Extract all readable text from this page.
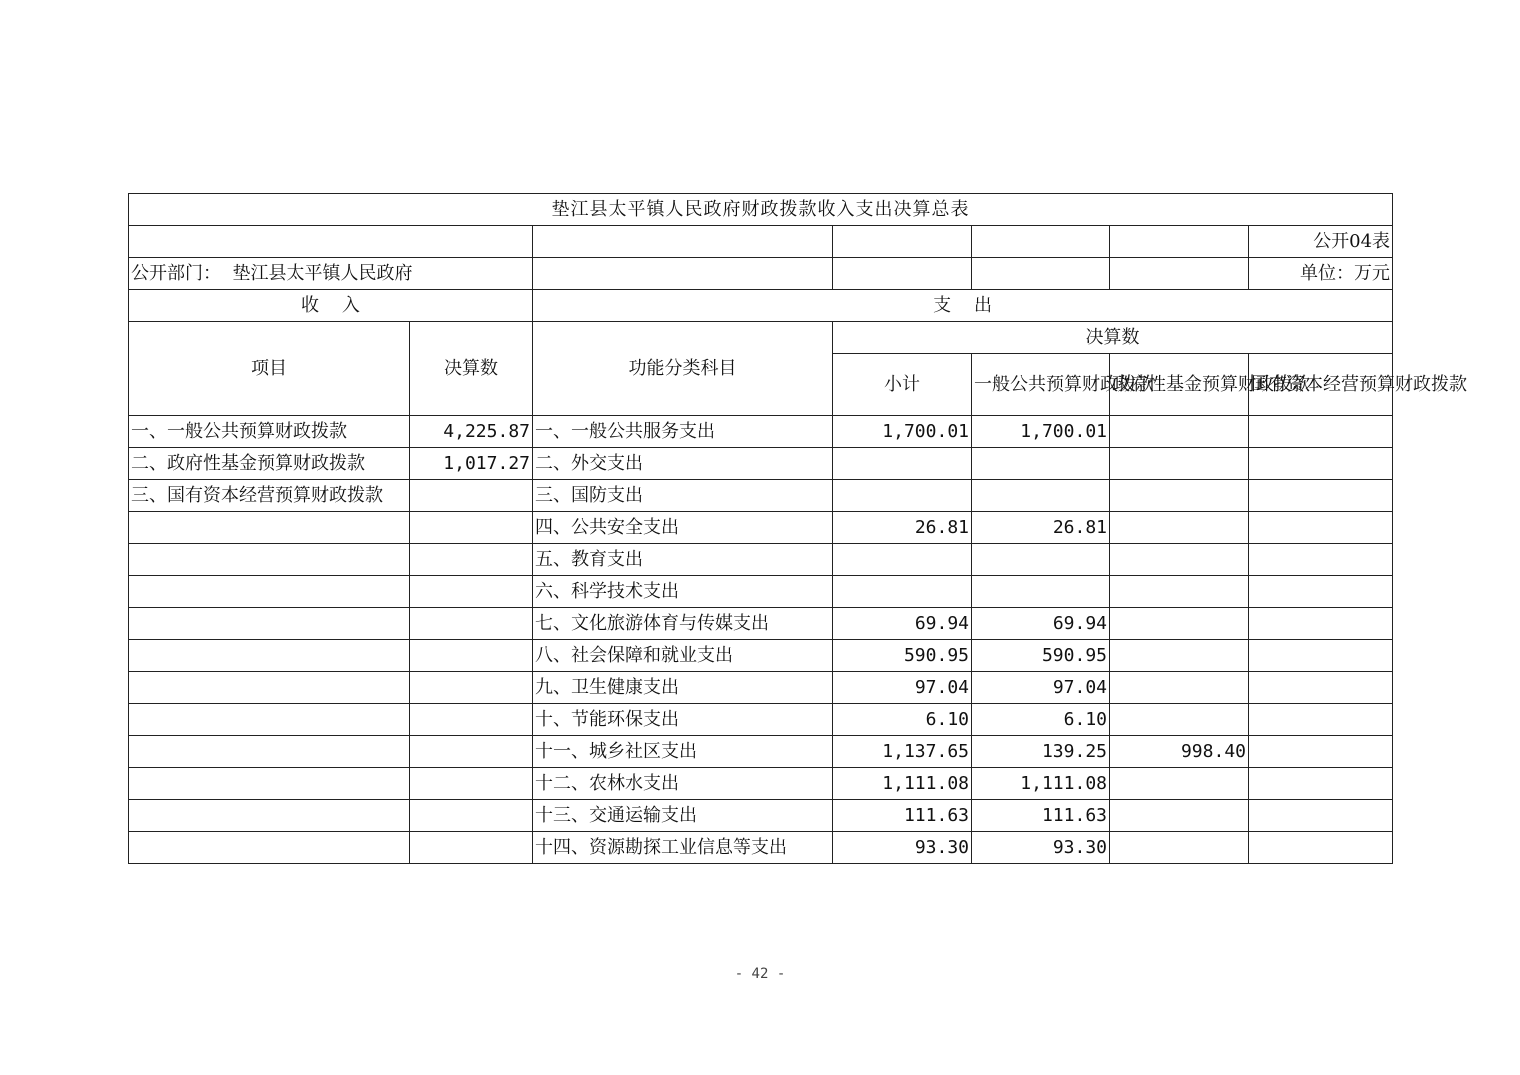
垫江县太平镇人民政府财政拨款收入支出决算总表						
						公开04表
公开部门：  垫江县太平镇人民政府						单位：万元
收    入		支    出				
项目	决算数	功能分类科目	决算数			
			小计	一般公共预算财政拨款	政府性基金预算财政拨款	国有资本经营预算财政拨款
一、一般公共预算财政拨款	4,225.87	一、一般公共服务支出	1,700.01	1,700.01		
二、政府性基金预算财政拨款	1,017.27	二、外交支出				
三、国有资本经营预算财政拨款		三、国防支出				
		四、公共安全支出	26.81	26.81		
		五、教育支出				
		六、科学技术支出				
		七、文化旅游体育与传媒支出	69.94	69.94		
		八、社会保障和就业支出	590.95	590.95		
		九、卫生健康支出	97.04	97.04		
		十、节能环保支出	6.10	6.10		
		十一、城乡社区支出	1,137.65	139.25	998.40	
		十二、农林水支出	1,111.08	1,111.08		
		十三、交通运输支出	111.63	111.63		
		十四、资源勘探工业信息等支出	93.30	93.30		
- 42 -
